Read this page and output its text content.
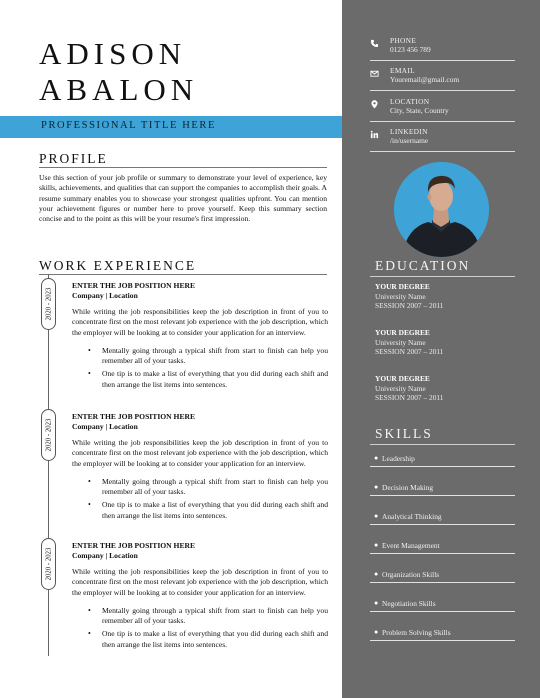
ADISON
ABALON
PROFESSIONAL TITLE HERE
PROFILE
Use this section of your job profile or summary to demonstrate your level of experience, key skills, achievements, and qualities that can support the companies to accomplish their goals. A resume summary enables you to showcase your strongest qualities upfront. You can mention your achievement figures or number here to prove yourself. Keep this summary section concise and to the point as this will be your resume's first impression.
WORK EXPERIENCE
2020 - 2023
ENTER THE JOB POSITION HERE
Company | Location
While writing the job responsibilities keep the job description in front of you to concentrate first on the most relevant job experience with the job description, which the employer will be looking at to consider your application for an interview.
• Mentally going through a typical shift from start to finish can help you remember all of your tasks.
• One tip is to make a list of everything that you did during each shift and then arrange the list items into sentences.
2020 - 2023
ENTER THE JOB POSITION HERE
Company | Location
While writing the job responsibilities keep the job description in front of you to concentrate first on the most relevant job experience with the job description, which the employer will be looking at to consider your application for an interview.
• Mentally going through a typical shift from start to finish can help you remember all of your tasks.
• One tip is to make a list of everything that you did during each shift and then arrange the list items into sentences.
2020 - 2023
ENTER THE JOB POSITION HERE
Company | Location
While writing the job responsibilities keep the job description in front of you to concentrate first on the most relevant job experience with the job description, which the employer will be looking at to consider your application for an interview.
• Mentally going through a typical shift from start to finish can help you remember all of your tasks.
• One tip is to make a list of everything that you did during each shift and then arrange the list items into sentences.
PHONE
0123 456 789
EMAIL
Youremail@gmail.com
LOCATION
City, State, Country
LINKEDIN
/in/username
EDUCATION
YOUR DEGREE
University Name
SESSION 2007 – 2011
YOUR DEGREE
University Name
SESSION 2007 – 2011
YOUR DEGREE
University Name
SESSION 2007 – 2011
SKILLS
● Leadership
● Decision Making
● Analytical Thinking
● Event Management
● Organization Skills
● Negotiation Skills
● Problem Solving Skills
